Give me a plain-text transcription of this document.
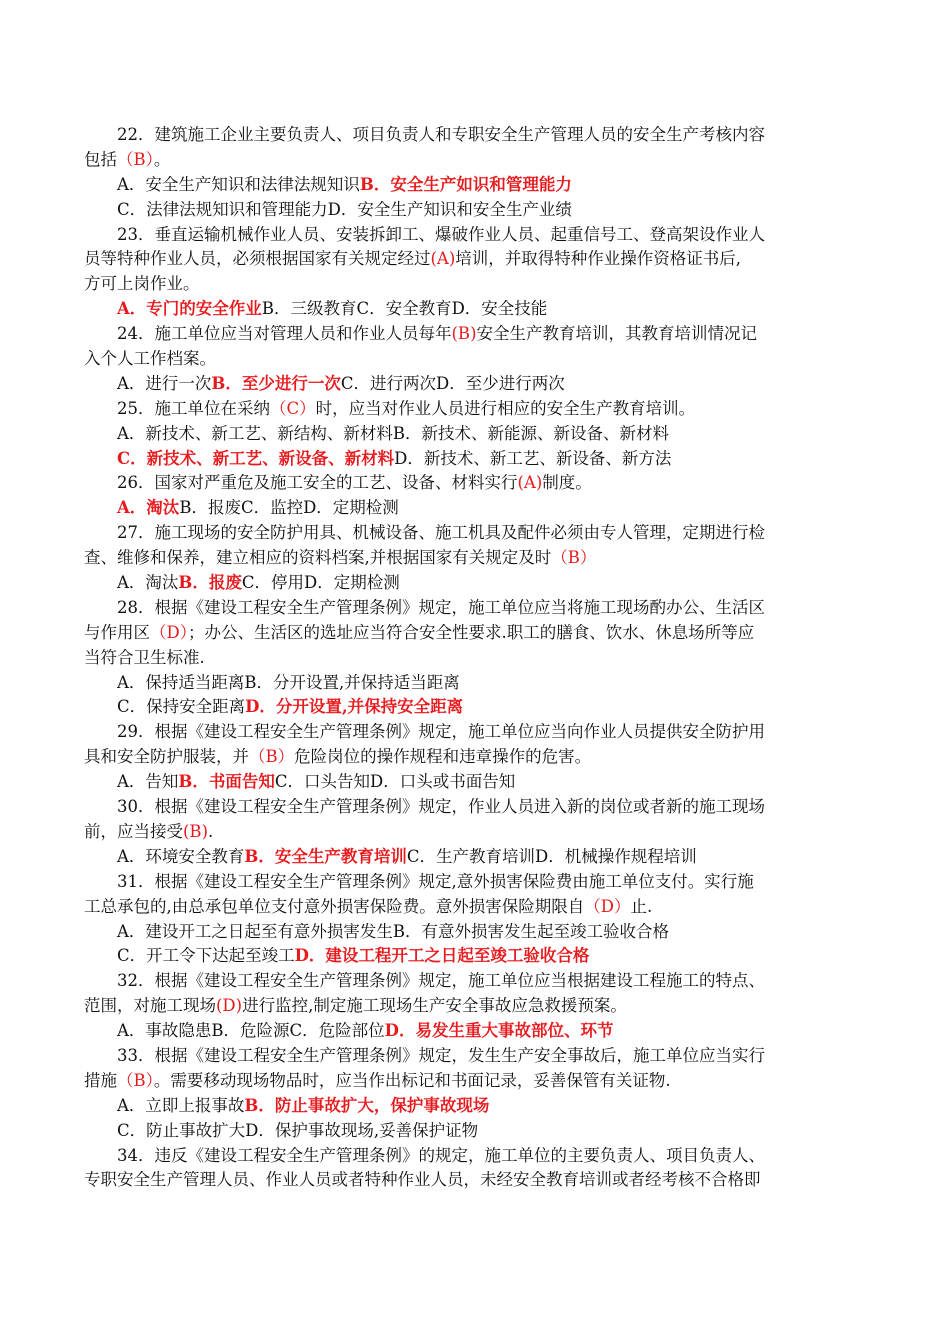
22．建筑施工企业主要负责人、项目负责人和专职安全生产管理人员的安全生产考核内容
包括（B）。
A．安全生产知识和法律法规知识B．安全生产如识和管理能力
C．法律法规知识和管理能力D．安全生产知识和安全生产业绩
23．垂直运输机械作业人员、安装拆卸工、爆破作业人员、起重信号工、登高架设作业人
员等特种作业人员，必须根据国家有关规定经过(A)培训，并取得特种作业操作资格证书后,
方可上岗作业。
A．专门的安全作业B．三级教育C．安全教育D．安全技能
24．施工单位应当对管理人员和作业人员每年(B)安全生产教育培训，其教育培训情况记
入个人工作档案。
A．进行一次B．至少进行一次C．进行两次D．至少进行两次
25．施工单位在采纳（C）时，应当对作业人员进行相应的安全生产教育培训。
A．新技术、新工艺、新结构、新材料B．新技术、新能源、新设备、新材料
C．新技术、新工艺、新设备、新材料D．新技术、新工艺、新设备、新方法
26．国家对严重危及施工安全的工艺、设备、材料实行(A)制度。
A．淘汰B．报废C．监控D．定期检测
27．施工现场的安全防护用具、机械设备、施工机具及配件必须由专人管理，定期进行检
查、维修和保养，建立相应的资料档案,并根据国家有关规定及时（B）
A．淘汰B．报废C．停用D．定期检测
28．根据《建设工程安全生产管理条例》规定，施工单位应当将施工现场酌办公、生活区
与作用区（D）；办公、生活区的选址应当符合安全性要求.职工的膳食、饮水、休息场所等应
当符合卫生标准.
A．保持适当距离B．分开设置,并保持适当距离
C．保持安全距离D．分开设置,并保持安全距离
29．根据《建设工程安全生产管理条例》规定，施工单位应当向作业人员提供安全防护用
具和安全防护服装，并（B）危险岗位的操作规程和违章操作的危害。
A．告知B．书面告知C．口头告知D．口头或书面告知
30．根据《建设工程安全生产管理条例》规定，作业人员进入新的岗位或者新的施工现场
前，应当接受(B).
A．环境安全教育B．安全生产教育培训C．生产教育培训D．机械操作规程培训
31．根据《建设工程安全生产管理条例》规定,意外损害保险费由施工单位支付。实行施
工总承包的,由总承包单位支付意外损害保险费。意外损害保险期限自（D）止.
A．建设开工之日起至有意外损害发生B．有意外损害发生起至竣工验收合格
C．开工令下达起至竣工D．建设工程开工之日起至竣工验收合格
32．根据《建设工程安全生产管理条例》规定，施工单位应当根据建设工程施工的特点、
范围，对施工现场(D)进行监控,制定施工现场生产安全事故应急救援预案。
A．事故隐患B．危险源C．危险部位D．易发生重大事故部位、环节
33．根据《建设工程安全生产管理条例》规定，发生生产安全事故后，施工单位应当实行
措施（B）。需要移动现场物品时，应当作出标记和书面记录，妥善保管有关证物.
A．立即上报事故B．防止事故扩大，保护事故现场
C．防止事故扩大D．保护事故现场,妥善保护证物
34．违反《建设工程安全生产管理条例》的规定，施工单位的主要负责人、项目负责人、
专职安全生产管理人员、作业人员或者特种作业人员，未经安全教育培训或者经考核不合格即
